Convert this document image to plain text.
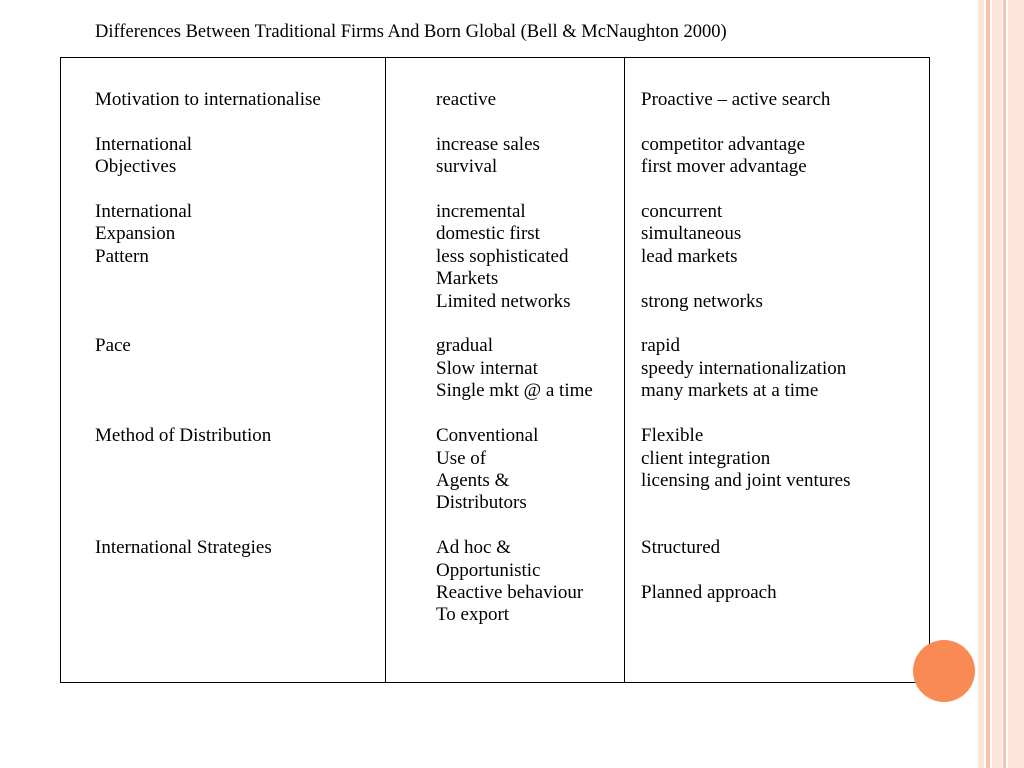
Differences Between Traditional Firms And Born Global (Bell & McNaughton 2000)
Motivation to internationalise

International
Objectives

International
Expansion
Pattern

Pace

Method of Distribution

International Strategies
reactive

increase sales
survival

incremental
domestic first
less sophisticated
Markets
Limited networks

gradual
Slow internat
Single mkt @ a time

Conventional
Use of
Agents &
Distributors

Ad hoc &
Opportunistic
Reactive behaviour
To export
Proactive – active search

competitor advantage
first mover advantage

concurrent
simultaneous
lead markets

strong networks

rapid
speedy internationalization
many markets at a time

Flexible
client integration
licensing and joint ventures

Structured

Planned approach
